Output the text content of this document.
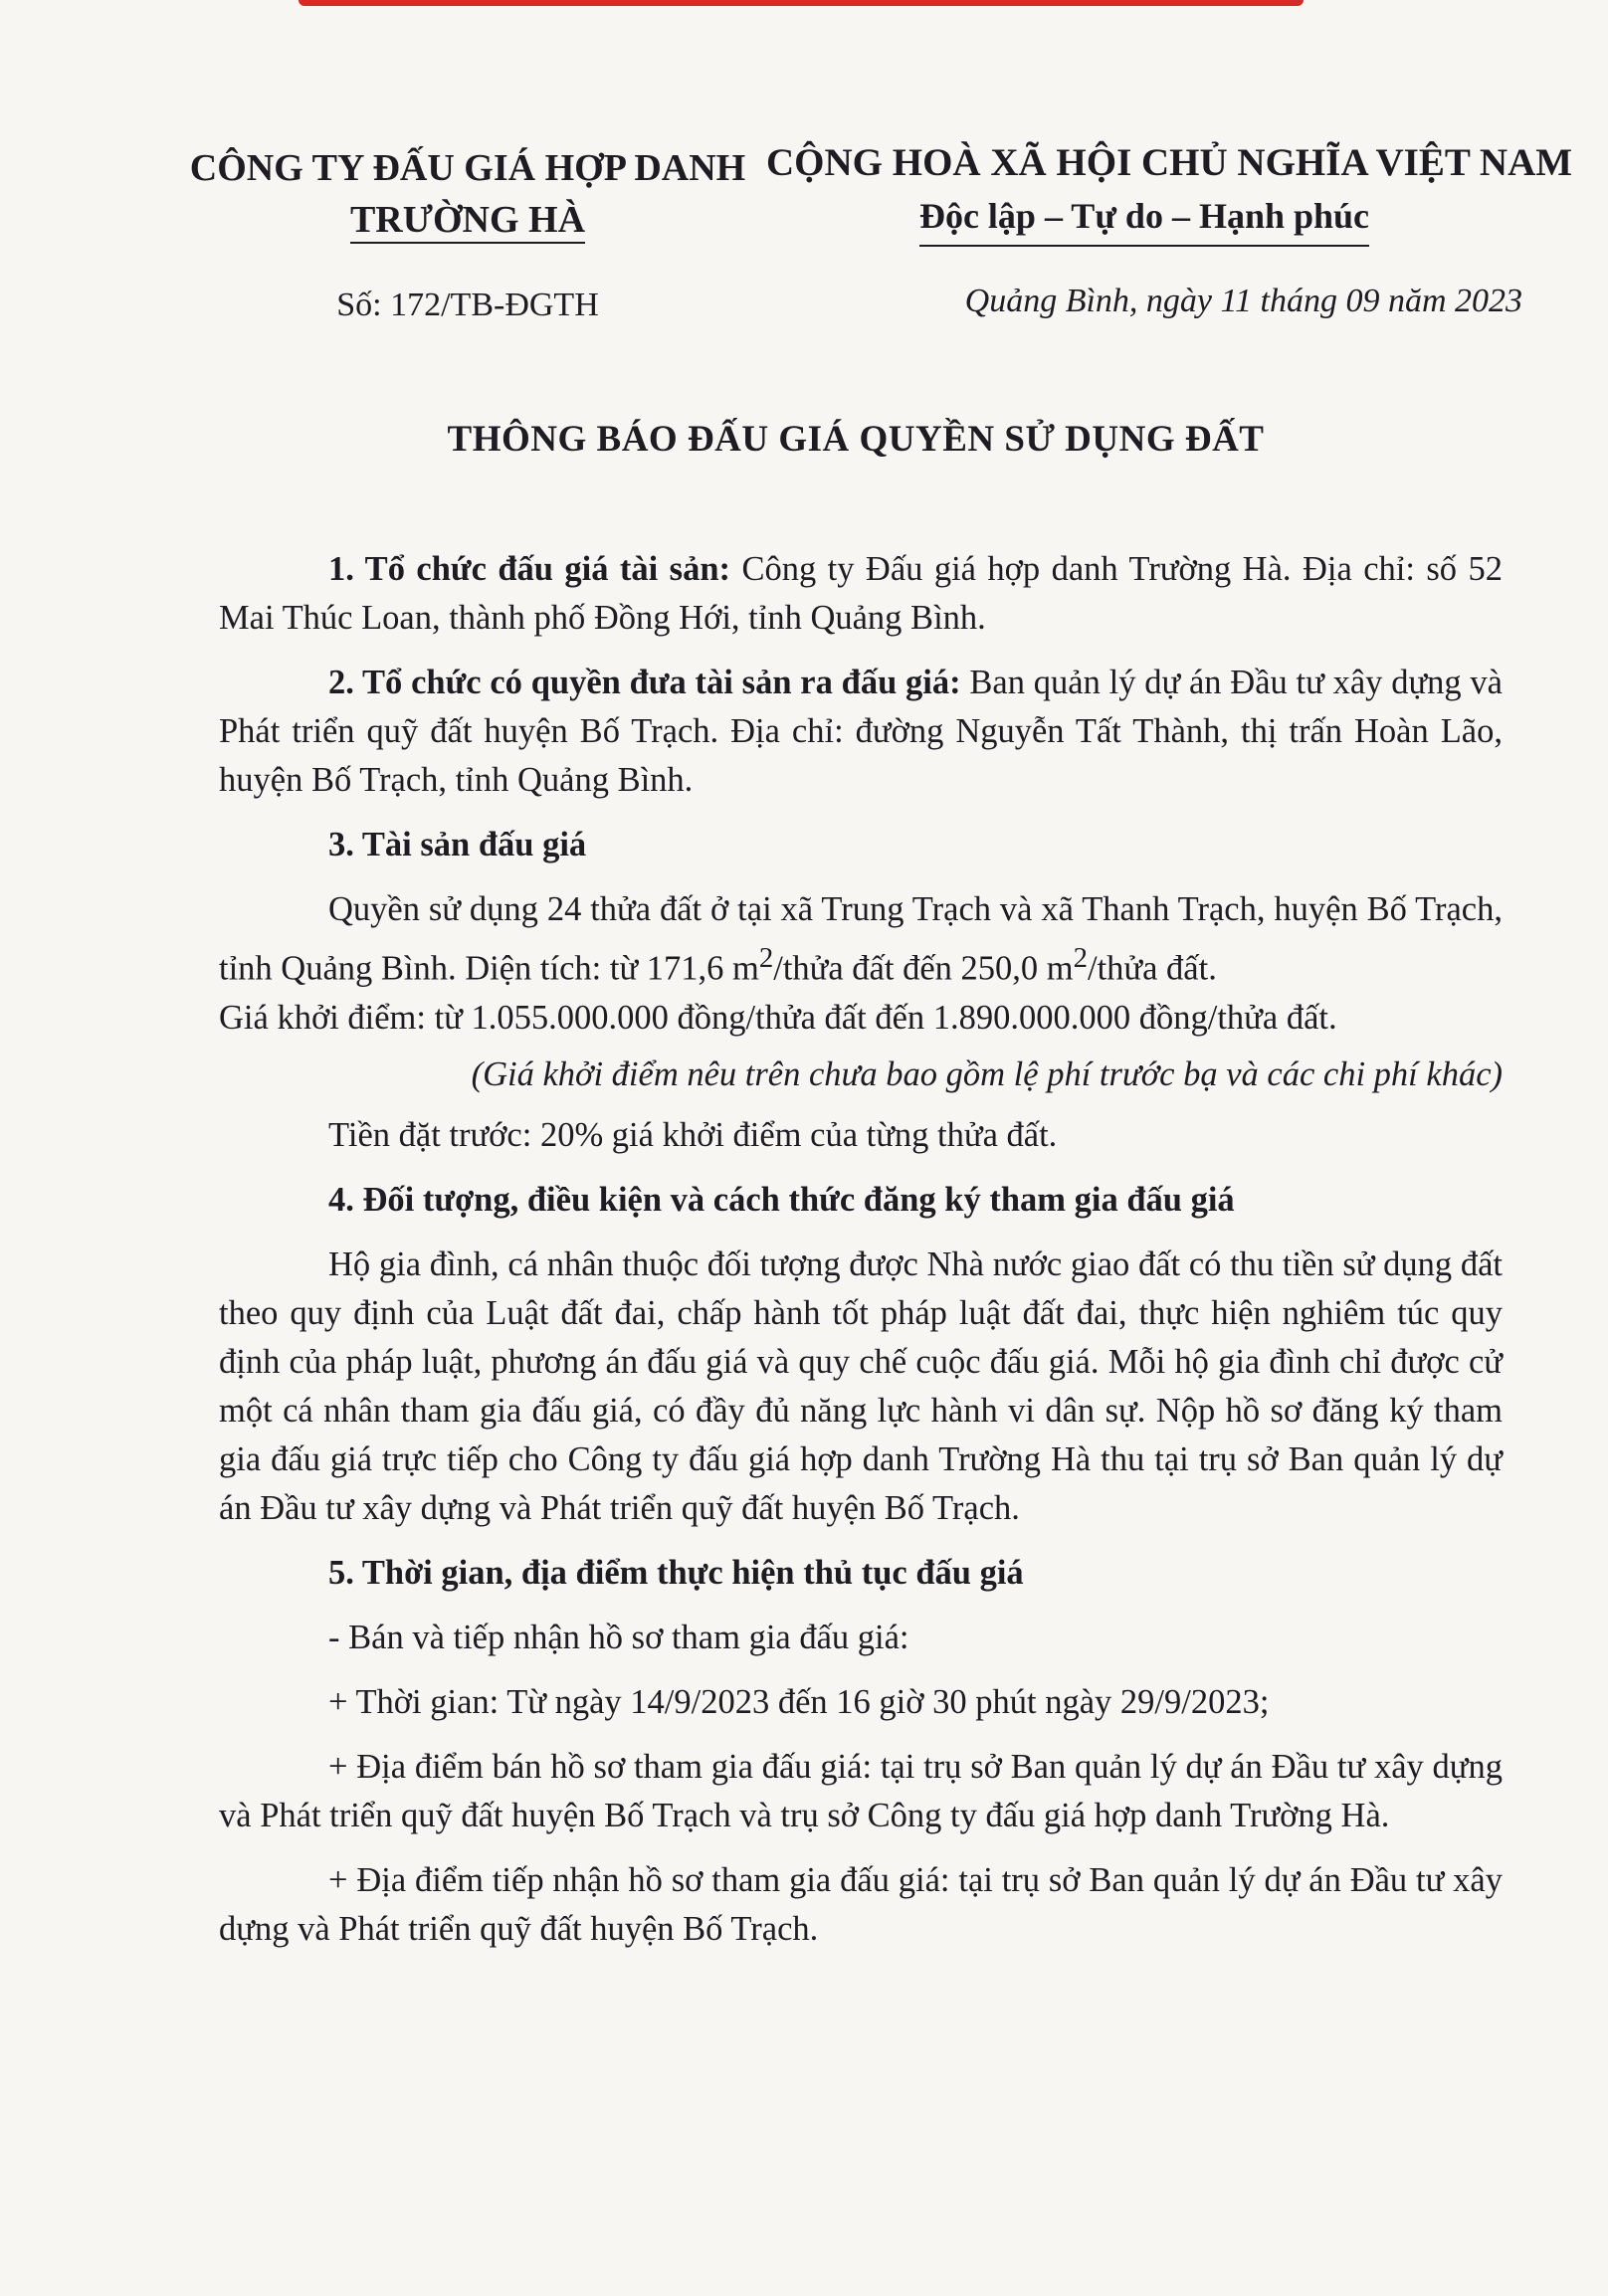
CÔNG TY ĐẤU GIÁ HỢP DANH
TRƯỜNG HÀ
CỘNG HOÀ XÃ HỘI CHỦ NGHĨA VIỆT NAM
Độc lập – Tự do – Hạnh phúc
Số: 172/TB-ĐGTH	Quảng Bình, ngày 11 tháng 09 năm 2023
THÔNG BÁO ĐẤU GIÁ QUYỀN SỬ DỤNG ĐẤT

1. Tổ chức đấu giá tài sản: Công ty Đấu giá hợp danh Trường Hà. Địa chỉ: số 52 Mai Thúc Loan, thành phố Đồng Hới, tỉnh Quảng Bình.

2. Tổ chức có quyền đưa tài sản ra đấu giá: Ban quản lý dự án Đầu tư xây dựng và Phát triển quỹ đất huyện Bố Trạch. Địa chỉ: đường Nguyễn Tất Thành, thị trấn Hoàn Lão, huyện Bố Trạch, tỉnh Quảng Bình.

3. Tài sản đấu giá

Quyền sử dụng 24 thửa đất ở tại xã Trung Trạch và xã Thanh Trạch, huyện Bố Trạch, tỉnh Quảng Bình. Diện tích: từ 171,6 $m^2$/thửa đất đến 250,0 $m^2$/thửa đất.
Giá khởi điểm: từ 1.055.000.000 đồng/thửa đất đến 1.890.000.000 đồng/thửa đất.

(Giá khởi điểm nêu trên chưa bao gồm lệ phí trước bạ và các chi phí khác)

Tiền đặt trước: 20% giá khởi điểm của từng thửa đất.

4. Đối tượng, điều kiện và cách thức đăng ký tham gia đấu giá

Hộ gia đình, cá nhân thuộc đối tượng được Nhà nước giao đất có thu tiền sử dụng đất theo quy định của Luật đất đai, chấp hành tốt pháp luật đất đai, thực hiện nghiêm túc quy định của pháp luật, phương án đấu giá và quy chế cuộc đấu giá. Mỗi hộ gia đình chỉ được cử một cá nhân tham gia đấu giá, có đầy đủ năng lực hành vi dân sự. Nộp hồ sơ đăng ký tham gia đấu giá trực tiếp cho Công ty đấu giá hợp danh Trường Hà thu tại trụ sở Ban quản lý dự án Đầu tư xây dựng và Phát triển quỹ đất huyện Bố Trạch.

5. Thời gian, địa điểm thực hiện thủ tục đấu giá

- Bán và tiếp nhận hồ sơ tham gia đấu giá:

+ Thời gian: Từ ngày 14/9/2023 đến 16 giờ 30 phút ngày 29/9/2023;

+ Địa điểm bán hồ sơ tham gia đấu giá: tại trụ sở Ban quản lý dự án Đầu tư xây dựng và Phát triển quỹ đất huyện Bố Trạch và trụ sở Công ty đấu giá hợp danh Trường Hà.

+ Địa điểm tiếp nhận hồ sơ tham gia đấu giá: tại trụ sở Ban quản lý dự án Đầu tư xây dựng và Phát triển quỹ đất huyện Bố Trạch.
